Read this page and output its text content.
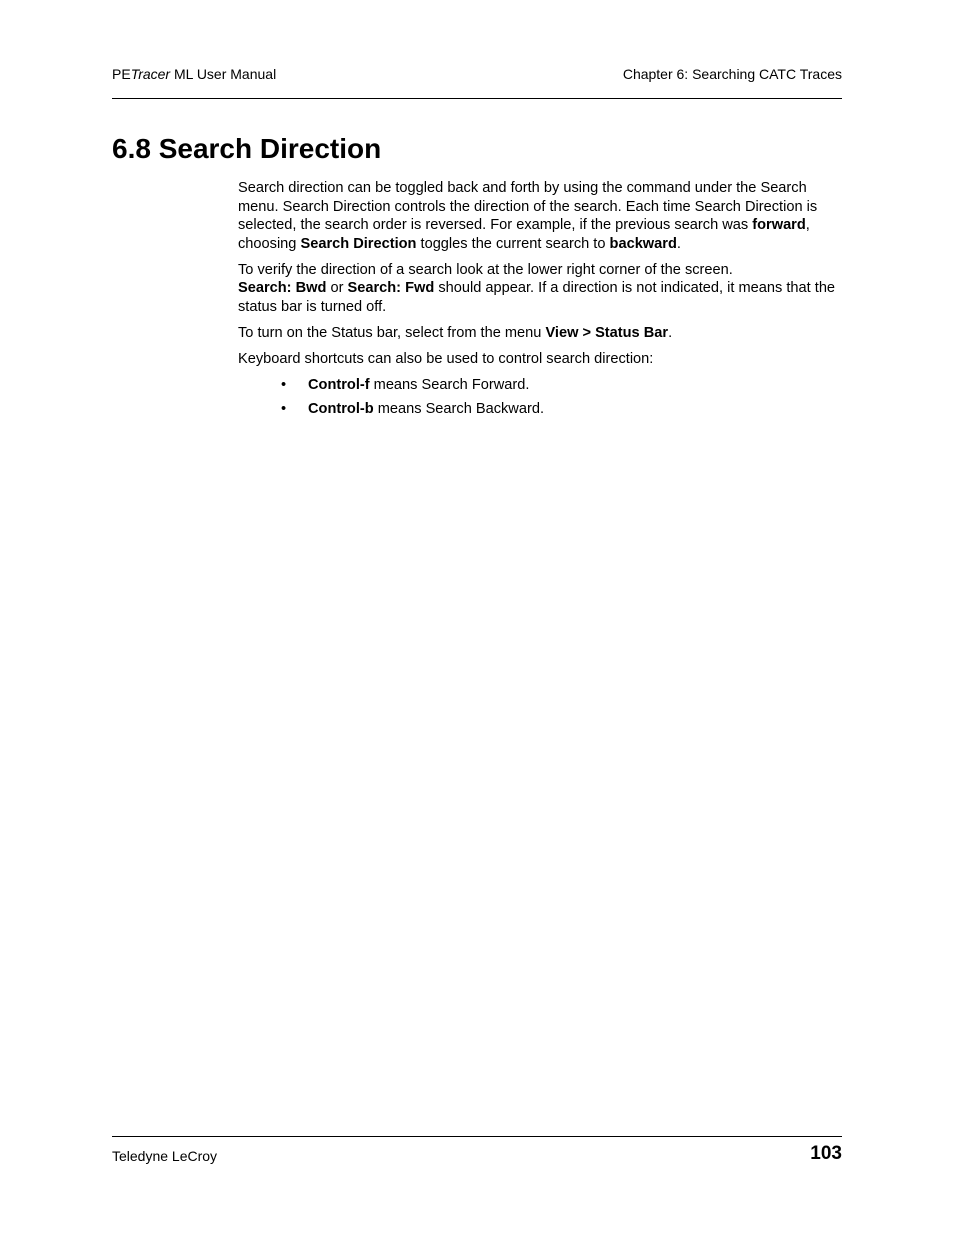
PETracer ML User Manual	Chapter 6: Searching CATC Traces
6.8 Search Direction

Search direction can be toggled back and forth by using the command under the Search menu. Search Direction controls the direction of the search. Each time Search Direction is selected, the search order is reversed. For example, if the previous search was forward, choosing Search Direction toggles the current search to backward.

To verify the direction of a search look at the lower right corner of the screen.
Search: Bwd or Search: Fwd should appear. If a direction is not indicated, it means that the status bar is turned off.

To turn on the Status bar, select from the menu View > Status Bar.

Keyboard shortcuts can also be used to control search direction:

• Control-f means Search Forward.
• Control-b means Search Backward.
Teledyne LeCroy	103
